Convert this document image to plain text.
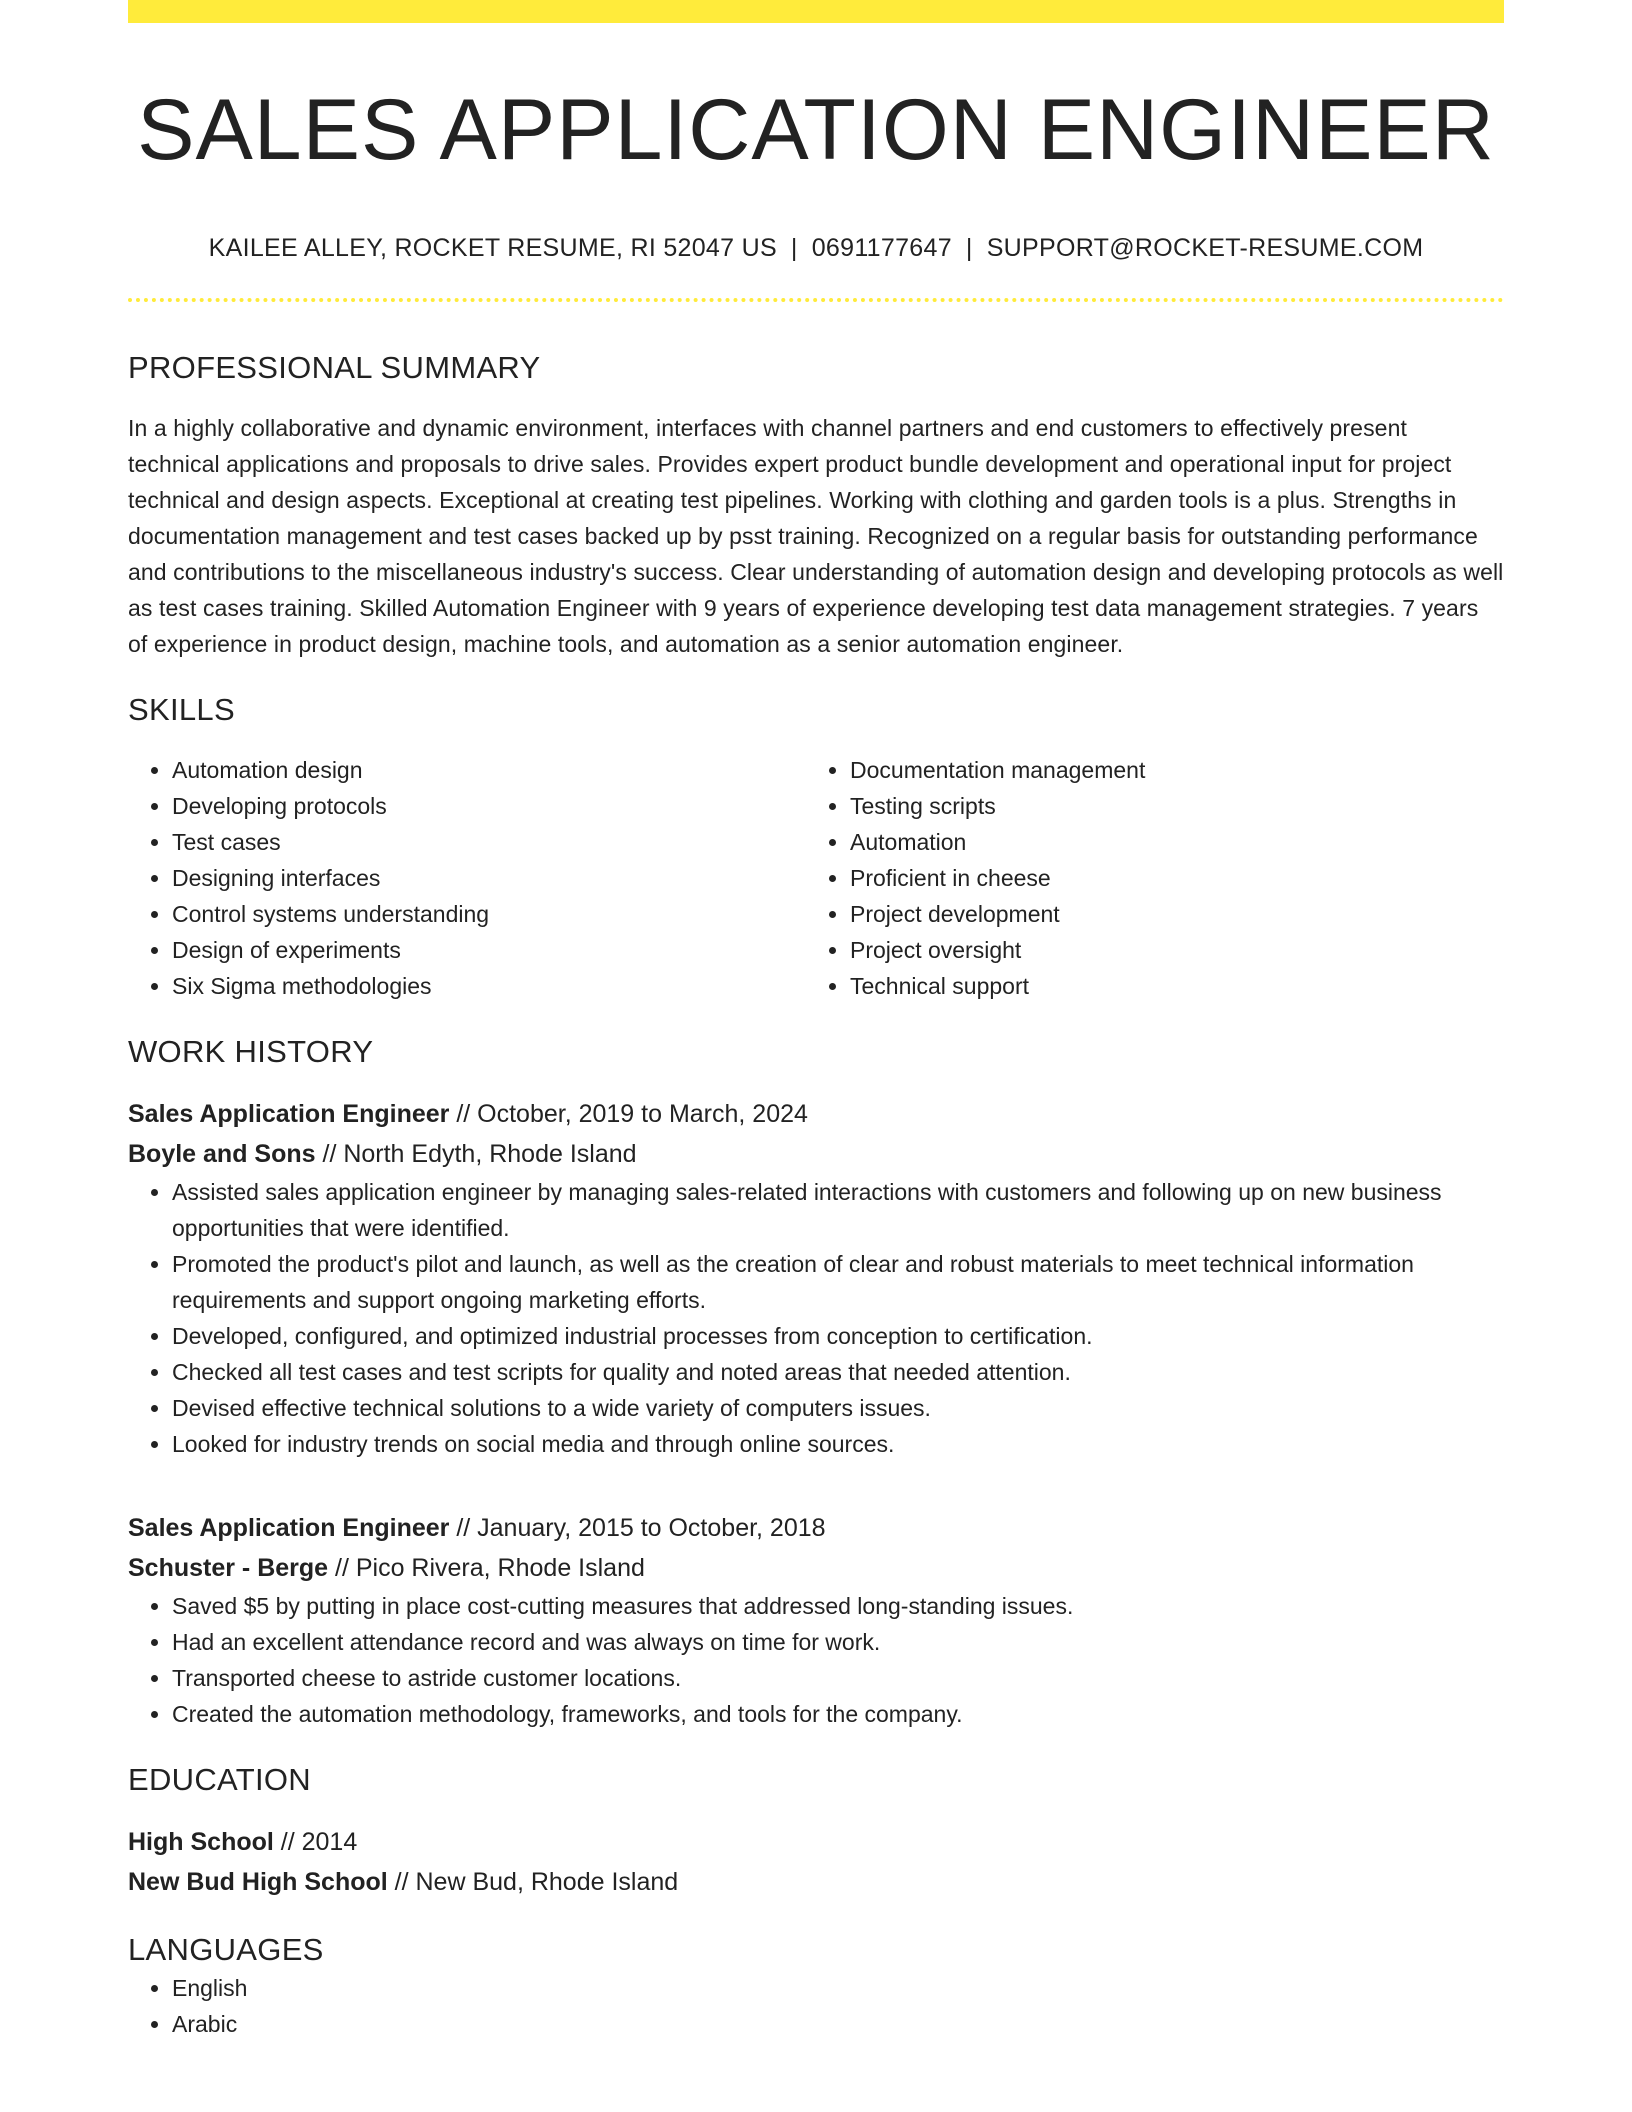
SALES APPLICATION ENGINEER
KAILEE ALLEY, ROCKET RESUME, RI 52047 US | 0691177647 | SUPPORT@ROCKET-RESUME.COM
PROFESSIONAL SUMMARY
In a highly collaborative and dynamic environment, interfaces with channel partners and end customers to effectively present technical applications and proposals to drive sales. Provides expert product bundle development and operational input for project technical and design aspects. Exceptional at creating test pipelines. Working with clothing and garden tools is a plus. Strengths in documentation management and test cases backed up by psst training. Recognized on a regular basis for outstanding performance and contributions to the miscellaneous industry's success. Clear understanding of automation design and developing protocols as well as test cases training. Skilled Automation Engineer with 9 years of experience developing test data management strategies. 7 years of experience in product design, machine tools, and automation as a senior automation engineer.
SKILLS
• Automation design
• Developing protocols
• Test cases
• Designing interfaces
• Control systems understanding
• Design of experiments
• Six Sigma methodologies
• Documentation management
• Testing scripts
• Automation
• Proficient in cheese
• Project development
• Project oversight
• Technical support
WORK HISTORY
Sales Application Engineer // October, 2019 to March, 2024
Boyle and Sons // North Edyth, Rhode Island
• Assisted sales application engineer by managing sales-related interactions with customers and following up on new business opportunities that were identified.
• Promoted the product's pilot and launch, as well as the creation of clear and robust materials to meet technical information requirements and support ongoing marketing efforts.
• Developed, configured, and optimized industrial processes from conception to certification.
• Checked all test cases and test scripts for quality and noted areas that needed attention.
• Devised effective technical solutions to a wide variety of computers issues.
• Looked for industry trends on social media and through online sources.
Sales Application Engineer // January, 2015 to October, 2018
Schuster - Berge // Pico Rivera, Rhode Island
• Saved $5 by putting in place cost-cutting measures that addressed long-standing issues.
• Had an excellent attendance record and was always on time for work.
• Transported cheese to astride customer locations.
• Created the automation methodology, frameworks, and tools for the company.
EDUCATION
High School // 2014
New Bud High School // New Bud, Rhode Island
LANGUAGES
• English
• Arabic
